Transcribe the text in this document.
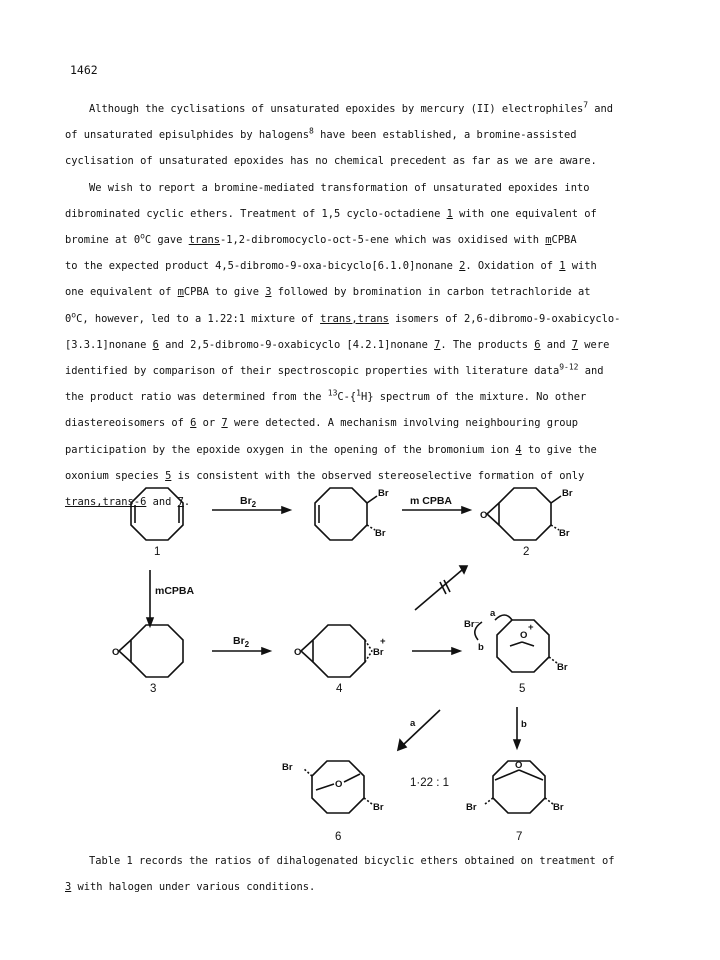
1462

Although the cyclisations of unsaturated epoxides by mercury (II) electrophiles$^7$ and
of unsaturated episulphides by halogens$^8$ have been established, a bromine-assisted
cyclisation of unsaturated epoxides has no chemical precedent as far as we are aware.

We wish to report a bromine-mediated transformation of unsaturated epoxides into
dibrominated cyclic ethers. Treatment of 1,5 cyclo-octadiene 1 with one equivalent of
bromine at 0$^o$C gave trans-1,2-dibromocyclo-oct-5-ene which was oxidised with mCPBA
to the expected product 4,5-dibromo-9-oxa-bicyclo[6.1.0]nonane 2. Oxidation of 1 with
one equivalent of mCPBA to give 3 followed by bromination in carbon tetrachloride at
0$^o$C, however, led to a 1.22:1 mixture of trans,trans isomers of 2,6-dibromo-9-oxabicyclo-
[3.3.1]nonane 6 and 2,5-dibromo-9-oxabicyclo [4.2.1]nonane 7. The products 6 and 7 were
identified by comparison of their spectroscopic properties with literature data$^{9-12}$ and
the product ratio was determined from the $^{13}$C-{$^1$H} spectrum of the mixture. No other
diastereoisomers of 6 or 7 were detected. A mechanism involving neighbouring group
participation by the epoxide oxygen in the opening of the bromonium ion 4 to give the
oxonium species 5 is consistent with the observed stereoselective formation of only
trans,trans-6 and 7.

1
$Br_2$
Br
Br
m CPBA
O
Br
Br
2
mCPBA
O
3
$Br_2$
O	Br
+
4
O
+
Br⁻
a
b
Br
5
a	b
O
Br
Br
6
1·22 : 1
O
Br	Br
7

Table 1 records the ratios of dihalogenated bicyclic ethers obtained on treatment of
3 with halogen under various conditions.
